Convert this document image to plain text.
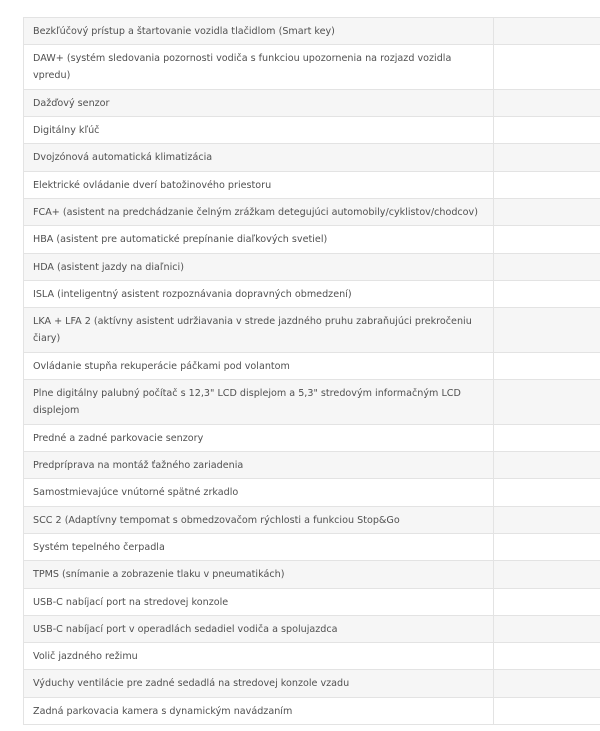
Bezkľúčový prístup a štartovanie vozidla tlačidlom (Smart key)	
DAW+ (systém sledovania pozornosti vodiča s funkciou upozornenia na rozjazd vozidla vpredu)	
Dažďový senzor	
Digitálny kľúč	
Dvojzónová automatická klimatizácia	
Elektrické ovládanie dverí batožinového priestoru	
FCA+ (asistent na predchádzanie čelným zrážkam detegujúci automobily/cyklistov/chodcov)	
HBA (asistent pre automatické prepínanie diaľkových svetiel)	
HDA (asistent jazdy na diaľnici)	
ISLA (inteligentný asistent rozpoznávania dopravných obmedzení)	
LKA + LFA 2 (aktívny asistent udržiavania v strede jazdného pruhu zabraňujúci prekročeniu čiary)	
Ovládanie stupňa rekuperácie páčkami pod volantom	
Plne digitálny palubný počítač s 12,3" LCD displejom a 5,3" stredovým informačným LCD displejom	
Predné a zadné parkovacie senzory	
Predpríprava na montáž ťažného zariadenia	
Samostmievajúce vnútorné spätné zrkadlo	
SCC 2 (Adaptívny tempomat s obmedzovačom rýchlosti a funkciou Stop&Go	
Systém tepelného čerpadla	
TPMS (snímanie a zobrazenie tlaku v pneumatikách)	
USB-C nabíjací port na stredovej konzole	
USB-C nabíjací port v operadlách sedadiel vodiča a spolujazdca	
Volič jazdného režimu	
Výduchy ventilácie pre zadné sedadlá na stredovej konzole vzadu	
Zadná parkovacia kamera s dynamickým navádzaním	
